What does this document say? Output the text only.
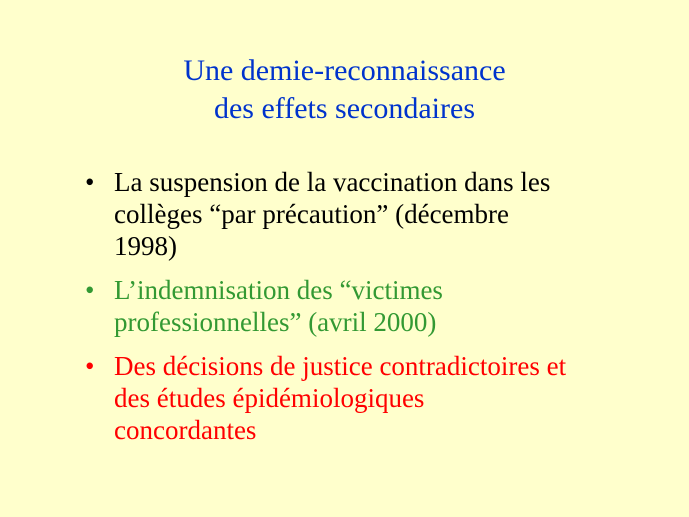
Une demie-reconnaissance
des effets secondaires
• La suspension de la vaccination dans les
collèges “par précaution” (décembre
1998)
• L’indemnisation des “victimes
professionnelles” (avril 2000)
• Des décisions de justice contradictoires et
des études épidémiologiques
concordantes
